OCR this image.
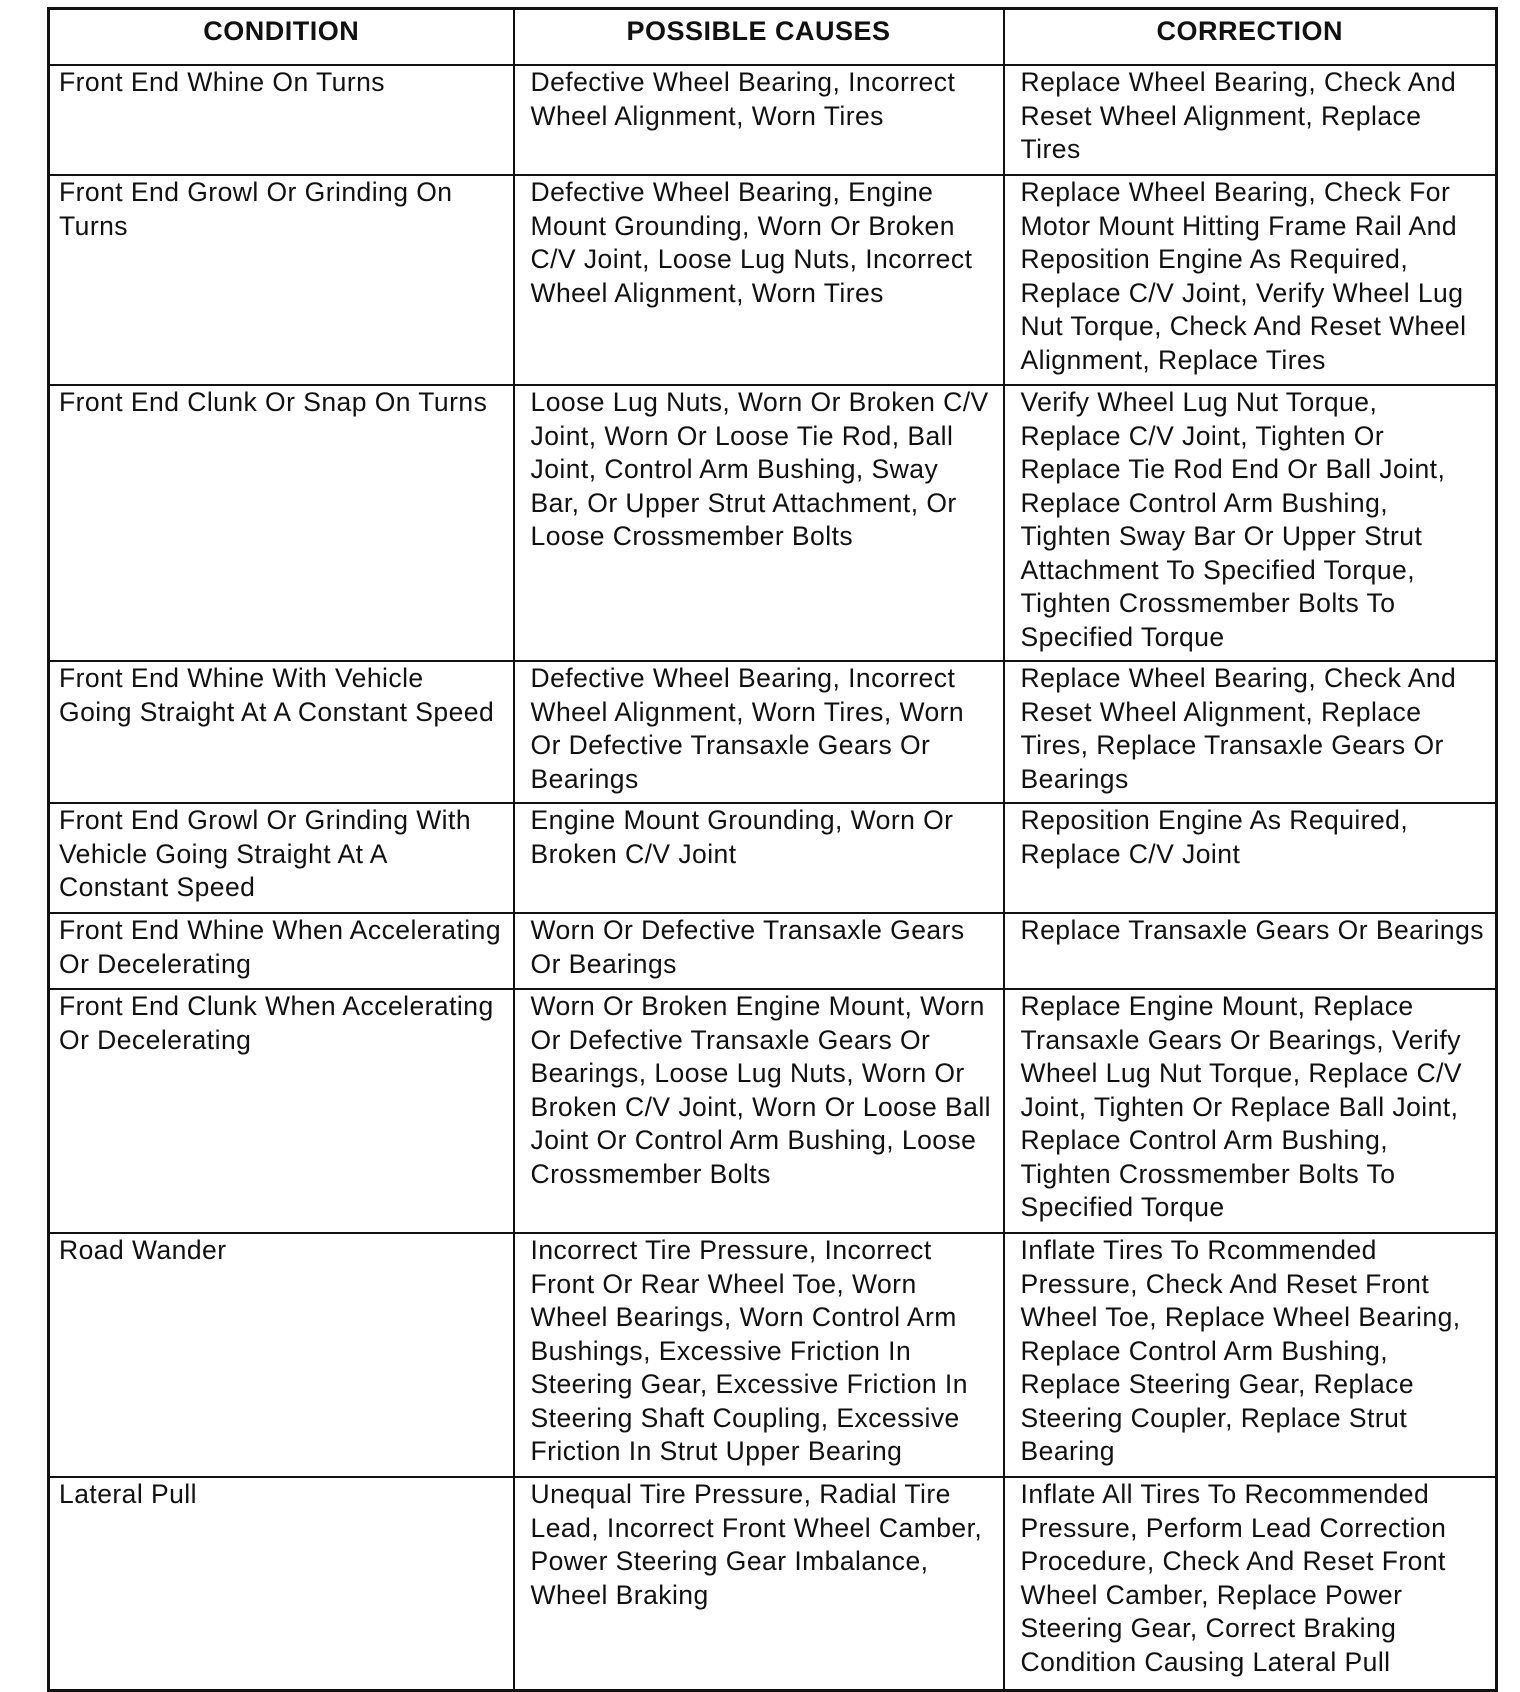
CONDITION	POSSIBLE CAUSES	CORRECTION
Front End Whine On Turns	Defective Wheel Bearing, Incorrect Wheel Alignment, Worn Tires	Replace Wheel Bearing, Check And Reset Wheel Alignment, Replace Tires
Front End Growl Or Grinding On Turns	Defective Wheel Bearing, Engine Mount Grounding, Worn Or Broken C/V Joint, Loose Lug Nuts, Incorrect Wheel Alignment, Worn Tires	Replace Wheel Bearing, Check For Motor Mount Hitting Frame Rail And Reposition Engine As Required, Replace C/V Joint, Verify Wheel Lug Nut Torque, Check And Reset Wheel Alignment, Replace Tires
Front End Clunk Or Snap On Turns	Loose Lug Nuts, Worn Or Broken C/V Joint, Worn Or Loose Tie Rod, Ball Joint, Control Arm Bushing, Sway Bar, Or Upper Strut Attachment, Or Loose Crossmember Bolts	Verify Wheel Lug Nut Torque, Replace C/V Joint, Tighten Or Replace Tie Rod End Or Ball Joint, Replace Control Arm Bushing, Tighten Sway Bar Or Upper Strut Attachment To Specified Torque, Tighten Crossmember Bolts To Specified Torque
Front End Whine With Vehicle Going Straight At A Constant Speed	Defective Wheel Bearing, Incorrect Wheel Alignment, Worn Tires, Worn Or Defective Transaxle Gears Or Bearings	Replace Wheel Bearing, Check And Reset Wheel Alignment, Replace Tires, Replace Transaxle Gears Or Bearings
Front End Growl Or Grinding With Vehicle Going Straight At A Constant Speed	Engine Mount Grounding, Worn Or Broken C/V Joint	Reposition Engine As Required, Replace C/V Joint
Front End Whine When Accelerating Or Decelerating	Worn Or Defective Transaxle Gears Or Bearings	Replace Transaxle Gears Or Bearings
Front End Clunk When Accelerating Or Decelerating	Worn Or Broken Engine Mount, Worn Or Defective Transaxle Gears Or Bearings, Loose Lug Nuts, Worn Or Broken C/V Joint, Worn Or Loose Ball Joint Or Control Arm Bushing, Loose Crossmember Bolts	Replace Engine Mount, Replace Transaxle Gears Or Bearings, Verify Wheel Lug Nut Torque, Replace C/V Joint, Tighten Or Replace Ball Joint, Replace Control Arm Bushing, Tighten Crossmember Bolts To Specified Torque
Road Wander	Incorrect Tire Pressure, Incorrect Front Or Rear Wheel Toe, Worn Wheel Bearings, Worn Control Arm Bushings, Excessive Friction In Steering Gear, Excessive Friction In Steering Shaft Coupling, Excessive Friction In Strut Upper Bearing	Inflate Tires To Rcommended Pressure, Check And Reset Front Wheel Toe, Replace Wheel Bearing, Replace Control Arm Bushing, Replace Steering Gear, Replace Steering Coupler, Replace Strut Bearing
Lateral Pull	Unequal Tire Pressure, Radial Tire Lead, Incorrect Front Wheel Camber, Power Steering Gear Imbalance, Wheel Braking	Inflate All Tires To Recommended Pressure, Perform Lead Correction Procedure, Check And Reset Front Wheel Camber, Replace Power Steering Gear, Correct Braking Condition Causing Lateral Pull
